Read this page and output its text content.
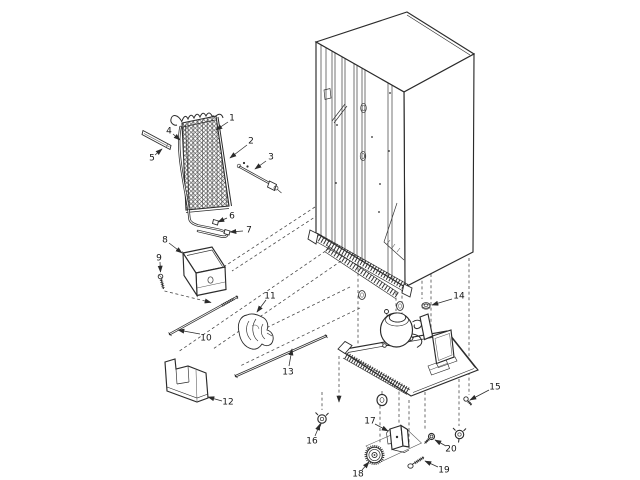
1
2
3
4
5
6
7
8
9
10
11
12
13
14
15
16
17
18	19
20
